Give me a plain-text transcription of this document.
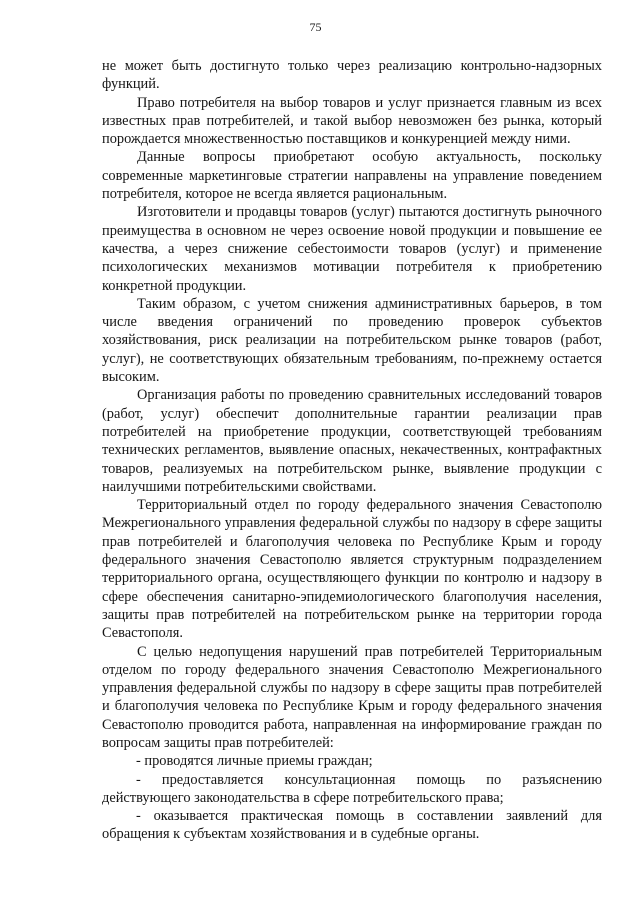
75

не может быть достигнуто только через реализацию контрольно-надзорных функций.

Право потребителя на выбор товаров и услуг признается главным из всех известных прав потребителей, и такой выбор невозможен без рынка, который порождается множественностью поставщиков и конкуренцией между ними.

Данные вопросы приобретают особую актуальность, поскольку современные маркетинговые стратегии направлены на управление поведением потребителя, которое не всегда является рациональным.

Изготовители и продавцы товаров (услуг) пытаются достигнуть рыночного преимущества в основном не через освоение новой продукции и повышение ее качества, а через снижение себестоимости товаров (услуг) и применение психологических механизмов мотивации потребителя к приобретению конкретной продукции.

Таким образом, с учетом снижения административных барьеров, в том числе введения ограничений по проведению проверок субъектов хозяйствования, риск реализации на потребительском рынке товаров (работ, услуг), не соответствующих обязательным требованиям, по-прежнему остается высоким.

Организация работы по проведению сравнительных исследований товаров (работ, услуг) обеспечит дополнительные гарантии реализации прав потребителей на приобретение продукции, соответствующей требованиям технических регламентов, выявление опасных, некачественных, контрафактных товаров, реализуемых на потребительском рынке, выявление продукции с наилучшими потребительскими свойствами.

Территориальный отдел по городу федерального значения Севастополю Межрегионального управления федеральной службы по надзору в сфере защиты прав потребителей и благополучия человека по Республике Крым и городу федерального значения Севастополю является структурным подразделением территориального органа, осуществляющего функции по контролю и надзору в сфере обеспечения санитарно-эпидемиологического благополучия населения, защиты прав потребителей на потребительском рынке на территории города Севастополя.

С целью недопущения нарушений прав потребителей Территориальным отделом по городу федерального значения Севастополю Межрегионального управления федеральной службы по надзору в сфере защиты прав потребителей и благополучия человека по Республике Крым и городу федерального значения Севастополю проводится работа, направленная на информирование граждан по вопросам защиты прав потребителей:

- проводятся личные приемы граждан;

- предоставляется консультационная помощь по разъяснению действующего законодательства в сфере потребительского права;

- оказывается практическая помощь в составлении заявлений для обращения к субъектам хозяйствования и в судебные органы.
